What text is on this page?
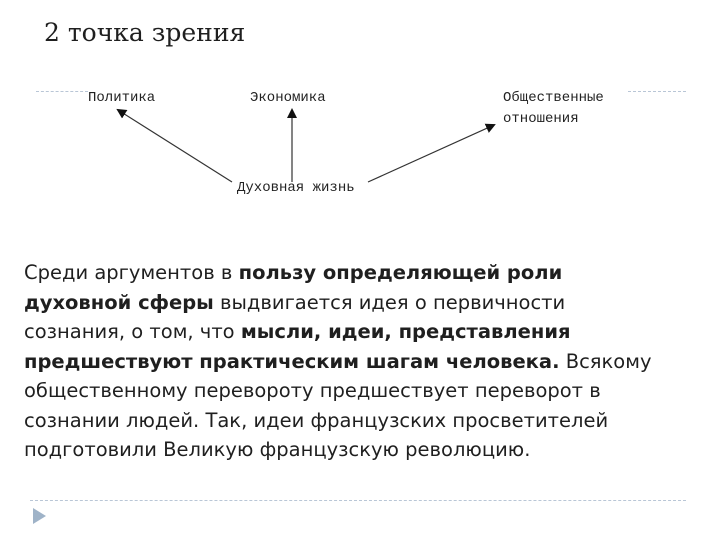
2 точка зрения
Политика	Экономика	Общественные
отношения
Духовная жизнь
Среди аргументов в пользу определяющей роли духовной сферы выдвигается идея о первичности сознания, о том, что мысли, идеи, представления предшествуют практическим шагам человека. Всякому общественному перевороту предшествует переворот в сознании людей. Так, идеи французских просветителей подготовили Великую французскую революцию.
